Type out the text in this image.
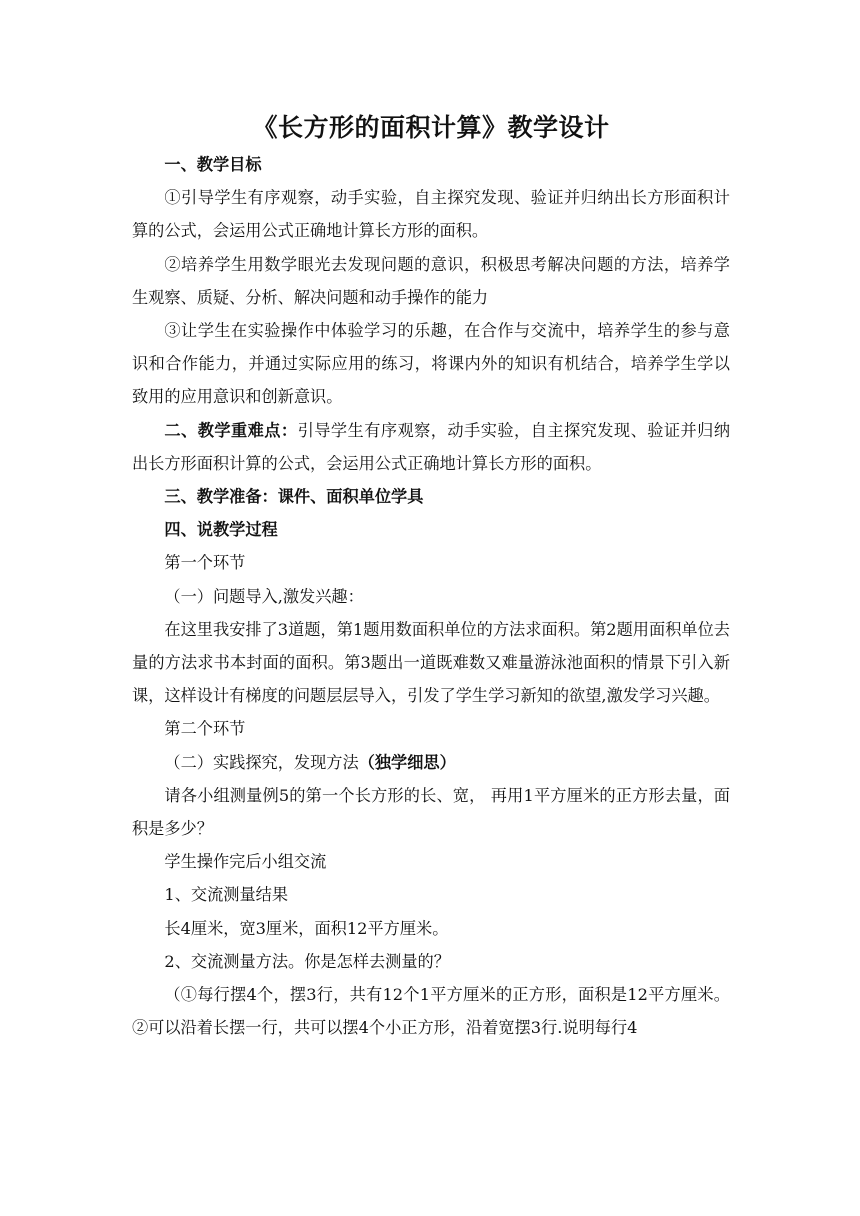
《长方形的面积计算》教学设计

一、教学目标

①引导学生有序观察，动手实验，自主探究发现、验证并归纳出长方形面积计算的公式，会运用公式正确地计算长方形的面积。

②培养学生用数学眼光去发现问题的意识，积极思考解决问题的方法，培养学生观察、质疑、分析、解决问题和动手操作的能力

③让学生在实验操作中体验学习的乐趣，在合作与交流中，培养学生的参与意识和合作能力，并通过实际应用的练习，将课内外的知识有机结合，培养学生学以致用的应用意识和创新意识。

二、教学重难点：引导学生有序观察，动手实验，自主探究发现、验证并归纳出长方形面积计算的公式，会运用公式正确地计算长方形的面积。

三、教学准备：课件、面积单位学具

四、说教学过程

第一个环节

（一）问题导入,激发兴趣：

在这里我安排了3道题，第1题用数面积单位的方法求面积。第2题用面积单位去量的方法求书本封面的面积。第3题出一道既难数又难量游泳池面积的情景下引入新课，这样设计有梯度的问题层层导入，引发了学生学习新知的欲望,激发学习兴趣。

第二个环节

（二）实践探究，发现方法（独学细思）

请各小组测量例5的第一个长方形的长、宽， 再用1平方厘米的正方形去量，面积是多少？

学生操作完后小组交流

1、交流测量结果

长4厘米，宽3厘米，面积12平方厘米。

2、交流测量方法。你是怎样去测量的？

（①每行摆4个，摆3行，共有12个1平方厘米的正方形，面积是12平方厘米。②可以沿着长摆一行，共可以摆4个小正方形，沿着宽摆3行.说明每行4
